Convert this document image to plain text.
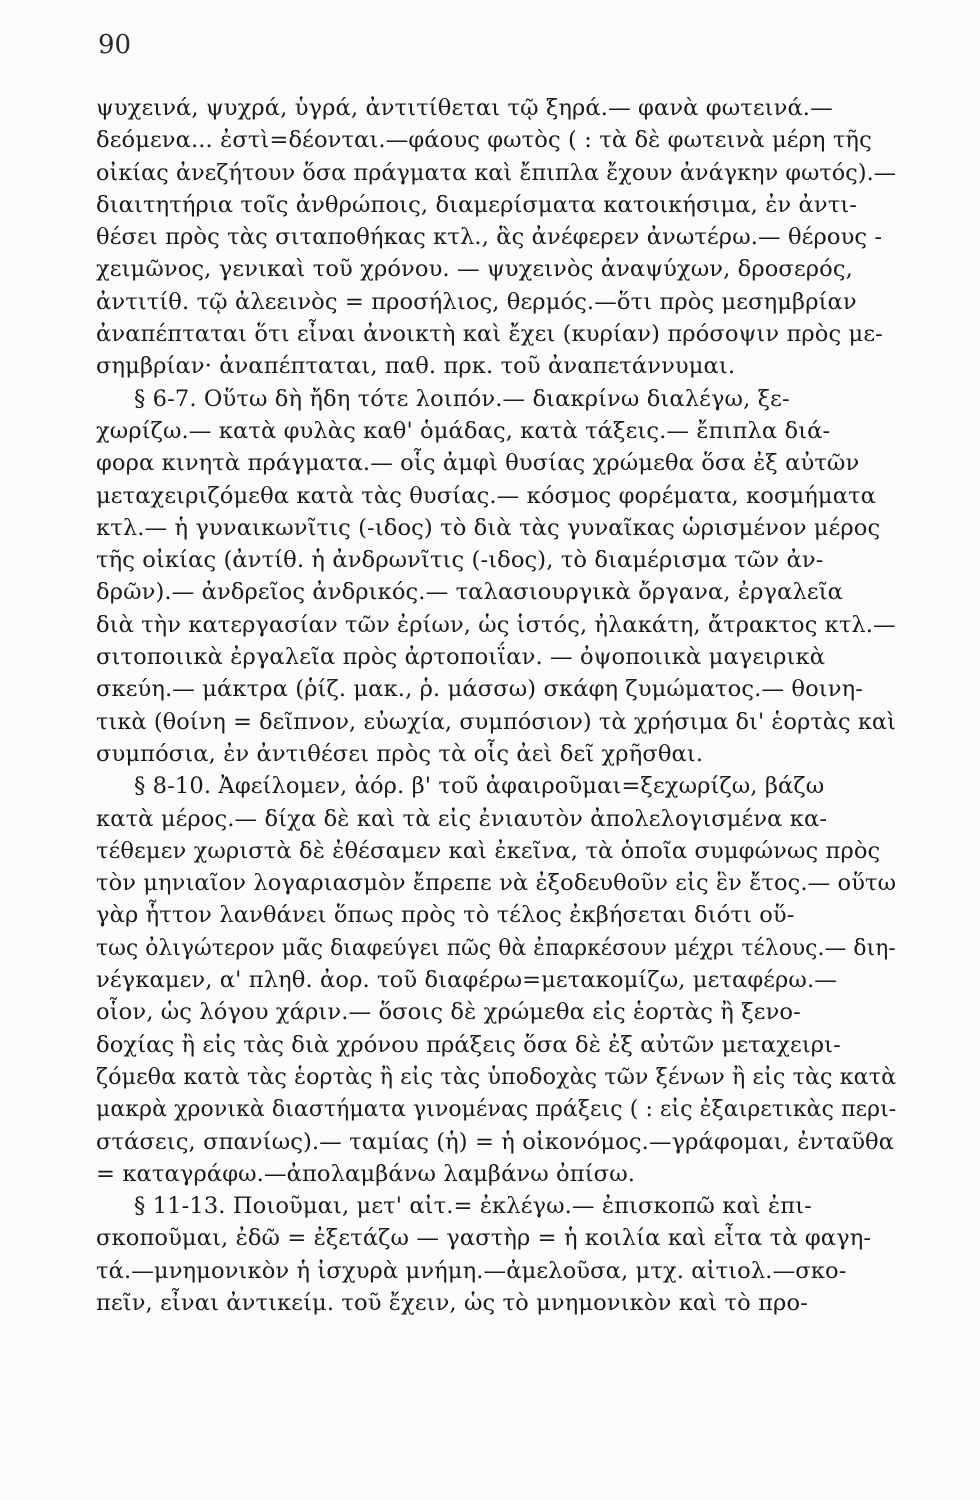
90
ψυχεινά, ψυχρά, ὑγρά, ἀντιτίθεται τῷ ξηρά.— φανὰ φωτεινά.—
δεόμενα... ἐστὶ=δέονται.—φάους φωτὸς ( : τὰ δὲ φωτεινὰ μέρη τῆς
οἰκίας ἀνεζήτουν ὅσα πράγματα καὶ ἔπιπλα ἔχουν ἀνάγκην φωτός).—
διαιτητήρια τοῖς ἀνθρώποις, διαμερίσματα κατοικήσιμα, ἐν ἀντι-
θέσει πρὸς τὰς σιταποθήκας κτλ., ἃς ἀνέφερεν ἀνωτέρω.— θέρους -
χειμῶνος, γενικαὶ τοῦ χρόνου. — ψυχεινὸς ἀναψύχων, δροσερός,
ἀντιτίθ. τῷ ἀλεεινὸς = προσήλιος, θερμός.—ὅτι πρὸς μεσημβρίαν
ἀναπέπταται ὅτι εἶναι ἀνοικτὴ καὶ ἔχει (κυρίαν) πρόσοψιν πρὸς με-
σημβρίαν· ἀναπέπταται, παθ. πρκ. τοῦ ἀναπετάννυμαι.
§ 6-7. Οὕτω δὴ ἤδη τότε λοιπόν.— διακρίνω διαλέγω, ξε-
χωρίζω.— κατὰ φυλὰς καθ' ὁμάδας, κατὰ τάξεις.— ἔπιπλα διά-
φορα κινητὰ πράγματα.— οἷς ἀμφὶ θυσίας χρώμεθα ὅσα ἐξ αὐτῶν
μεταχειριζόμεθα κατὰ τὰς θυσίας.— κόσμος φορέματα, κοσμήματα
κτλ.— ἡ γυναικωνῖτις (-ιδος) τὸ διὰ τὰς γυναῖκας ὡρισμένον μέρος
τῆς οἰκίας (ἀντίθ. ἡ ἀνδρωνῖτις (-ιδος), τὸ διαμέρισμα τῶν ἀν-
δρῶν).— ἀνδρεῖος ἀνδρικός.— ταλασιουργικὰ ὄργανα, ἐργαλεῖα
διὰ τὴν κατεργασίαν τῶν ἐρίων, ὡς ἱστός, ἠλακάτη, ἄτρακτος κτλ.—
σιτοποιικὰ ἐργαλεῖα πρὸς ἀρτοποιΐαν. — ὀψοποιικὰ μαγειρικὰ
σκεύη.— μάκτρα (ῥίζ. μακ., ῥ. μάσσω) σκάφη ζυμώματος.— θοινη-
τικὰ (θοίνη = δεῖπνον, εὐωχία, συμπόσιον) τὰ χρήσιμα δι' ἑορτὰς καὶ
συμπόσια, ἐν ἀντιθέσει πρὸς τὰ οἷς ἀεὶ δεῖ χρῆσθαι.
§ 8-10. Ἀφείλομεν, ἀόρ. β' τοῦ ἀφαιροῦμαι=ξεχωρίζω, βάζω
κατὰ μέρος.— δίχα δὲ καὶ τὰ εἰς ἐνιαυτὸν ἀπολελογισμένα κα-
τέθεμεν χωριστὰ δὲ ἐθέσαμεν καὶ ἐκεῖνα, τὰ ὁποῖα συμφώνως πρὸς
τὸν μηνιαῖον λογαριασμὸν ἔπρεπε νὰ ἐξοδευθοῦν εἰς ἓν ἔτος.— οὕτω
γὰρ ἧττον λανθάνει ὅπως πρὸς τὸ τέλος ἐκβήσεται διότι οὕ-
τως ὀλιγώτερον μᾶς διαφεύγει πῶς θὰ ἐπαρκέσουν μέχρι τέλους.— διη-
νέγκαμεν, α' πληθ. ἀορ. τοῦ διαφέρω=μετακομίζω, μεταφέρω.—
οἷον, ὡς λόγου χάριν.— ὅσοις δὲ χρώμεθα εἰς ἑορτὰς ἢ ξενο-
δοχίας ἢ εἰς τὰς διὰ χρόνου πράξεις ὅσα δὲ ἐξ αὐτῶν μεταχειρι-
ζόμεθα κατὰ τὰς ἑορτὰς ἢ εἰς τὰς ὑποδοχὰς τῶν ξένων ἢ εἰς τὰς κατὰ
μακρὰ χρονικὰ διαστήματα γινομένας πράξεις ( : εἰς ἐξαιρετικὰς περι-
στάσεις, σπανίως).— ταμίας (ἡ) = ἡ οἰκονόμος.—γράφομαι, ἐνταῦθα
= καταγράφω.—ἀπολαμβάνω λαμβάνω ὀπίσω.
§ 11-13. Ποιοῦμαι, μετ' αἰτ.= ἐκλέγω.— ἐπισκοπῶ καὶ ἐπι-
σκοποῦμαι, ἐδῶ = ἐξετάζω — γαστὴρ = ἡ κοιλία καὶ εἶτα τὰ φαγη-
τά.—μνημονικὸν ἡ ἰσχυρὰ μνήμη.—ἀμελοῦσα, μτχ. αἰτιολ.—σκο-
πεῖν, εἶναι ἀντικείμ. τοῦ ἔχειν, ὡς τὸ μνημονικὸν καὶ τὸ προ-
